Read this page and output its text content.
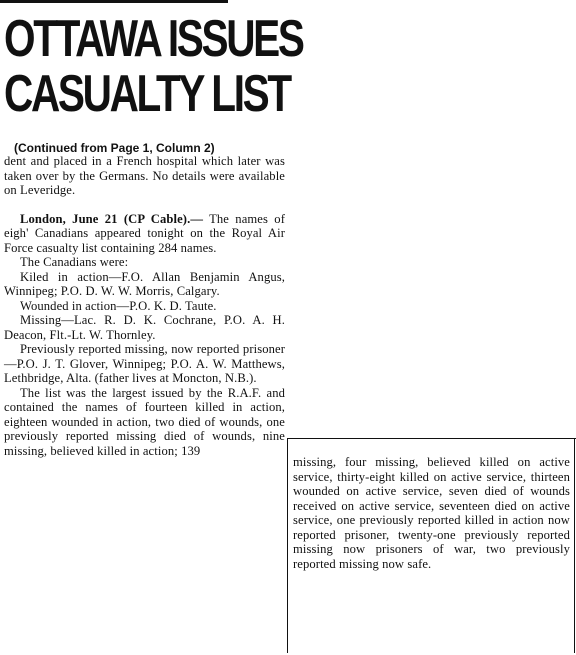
OTTAWA ISSUES
CASUALTY LIST
(Continued from Page 1, Column 2)

dent and placed in a French hospital which later was taken over by the Germans. No details were available on Leveridge.

London, June 21 (CP Cable).— The names of eigh' Canadians appeared tonight on the Royal Air Force casualty list containing 284 names.

The Canadians were:

Kiled in action—F.O. Allan Benjamin Angus, Winnipeg; P.O. D. W. W. Morris, Calgary.

Wounded in action—P.O. K. D. Taute.

Missing—Lac. R. D. K. Cochrane, P.O. A. H. Deacon, Flt.-Lt. W. Thornley.

Previously reported missing, now reported prisoner—P.O. J. T. Glover, Winnipeg; P.O. A. W. Matthews, Lethbridge, Alta. (father lives at Moncton, N.B.).

The list was the largest issued by the R.A.F. and contained the names of fourteen killed in action, eighteen wounded in action, two died of wounds, one previously reported missing died of wounds, nine missing, believed killed in action; 139

missing, four missing, believed killed on active service, thirty-eight killed on active service, thirteen wounded on active service, seven died of wounds received on active service, seventeen died on active service, one previously reported killed in action now reported prisoner, twenty-one previously reported missing now prisoners of war, two previously reported missing now safe.
